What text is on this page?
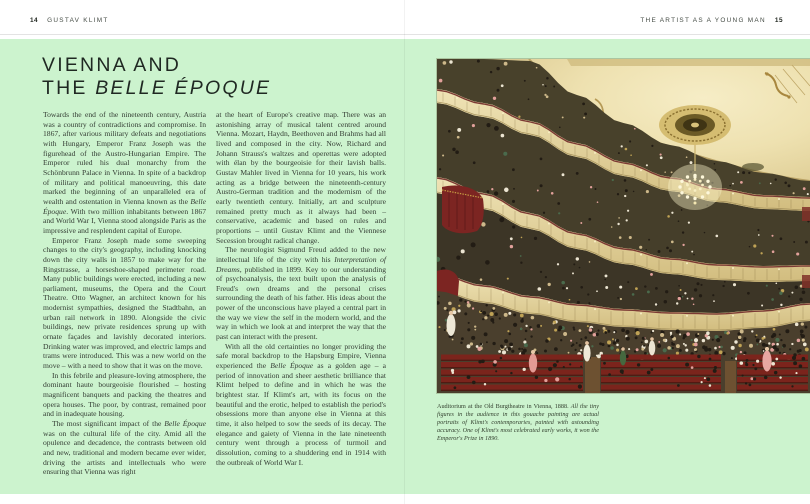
14 GUSTAV KLIMT	THE ARTIST AS A YOUNG MAN 15
VIENNA AND
THE BELLE ÉPOQUE

Towards the end of the nineteenth century, Austria was a country of contradictions and compromise. In 1867, after various military defeats and negotiations with Hungary, Emperor Franz Joseph was the figurehead of the Austro-Hungarian Empire. The Emperor ruled his dual monarchy from the Schönbrunn Palace in Vienna. In spite of a backdrop of military and political manoeuvring, this date marked the beginning of an unparalleled era of wealth and ostentation in Vienna known as the Belle Époque. With two million inhabitants between 1867 and World War I, Vienna stood alongside Paris as the impressive and resplendent capital of Europe.

Emperor Franz Joseph made some sweeping changes to the city's geography, including knocking down the city walls in 1857 to make way for the Ringstrasse, a horseshoe-shaped perimeter road. Many public buildings were erected, including a new parliament, museums, the Opera and the Court Theatre. Otto Wagner, an architect known for his modernist sympathies, designed the Stadtbahn, an urban rail network in 1890. Alongside the civic buildings, new private residences sprung up with ornate façades and lavishly decorated interiors. Drinking water was improved, and electric lamps and trams were introduced. This was a new world on the move – with a need to show that it was on the move.

In this febrile and pleasure-loving atmosphere, the dominant haute bourgeoisie flourished – hosting magnificent banquets and packing the theatres and opera houses. The poor, by contrast, remained poor and in inadequate housing.

The most significant impact of the Belle Époque was on the cultural life of the city. Amid all the opulence and decadence, the contrasts between old and new, traditional and modern became ever wider, driving the artists and intellectuals who were ensuring that Vienna was right

at the heart of Europe's creative map. There was an astonishing array of musical talent centred around Vienna. Mozart, Haydn, Beethoven and Brahms had all lived and composed in the city. Now, Richard and Johann Strauss's waltzes and operettas were adopted with élan by the bourgeoisie for their lavish balls. Gustav Mahler lived in Vienna for 10 years, his work acting as a bridge between the nineteenth-century Austro-German tradition and the modernism of the early twentieth century. Initially, art and sculpture remained pretty much as it always had been – conservative, academic and based on rules and proportions – until Gustav Klimt and the Viennese Secession brought radical change.

The neurologist Sigmund Freud added to the new intellectual life of the city with his Interpretation of Dreams, published in 1899. Key to our understanding of psychoanalysis, the text built upon the analysis of Freud's own dreams and the personal crises surrounding the death of his father. His ideas about the power of the unconscious have played a central part in the way we view the self in the modern world, and the way in which we look at and interpret the way that the past can interact with the present.

With all the old certainties no longer providing the safe moral backdrop to the Hapsburg Empire, Vienna experienced the Belle Époque as a golden age – a period of innovation and sheer aesthetic brilliance that Klimt helped to define and in which he was the brightest star. If Klimt's art, with its focus on the beautiful and the erotic, helped to establish the period's obsessions more than anyone else in Vienna at this time, it also helped to sow the seeds of its decay. The elegance and gaiety of Vienna in the late nineteenth century went through a process of turmoil and dissolution, coming to a shuddering end in 1914 with the outbreak of World War I.

Auditorium at the Old Burgtheatre in Vienna, 1888. All the tiny figures in the audience in this gouache painting are actual portraits of Klimt's contemporaries, painted with astounding accuracy. One of Klimt's most celebrated early works, it won the Emperor's Prize in 1890.
